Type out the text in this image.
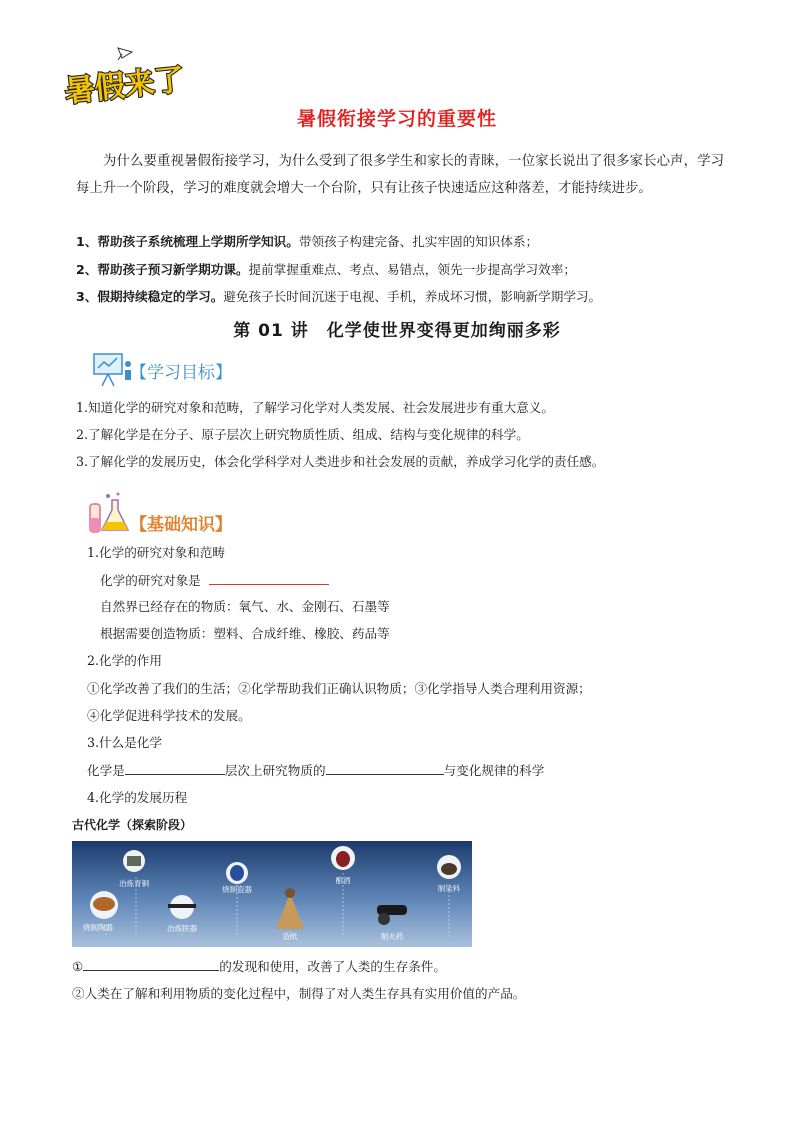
暑假来了
暑假衔接学习的重要性
为什么要重视暑假衔接学习，为什么受到了很多学生和家长的青睐，一位家长说出了很多家长心声，学习每上升一个阶段，学习的难度就会增大一个台阶，只有让孩子快速适应这种落差，才能持续进步。
1、帮助孩子系统梳理上学期所学知识。带领孩子构建完备、扎实牢固的知识体系；
2、帮助孩子预习新学期功课。提前掌握重难点、考点、易错点，领先一步提高学习效率；
3、假期持续稳定的学习。避免孩子长时间沉迷于电视、手机，养成坏习惯，影响新学期学习。
第 01 讲　化学使世界变得更加绚丽多彩
【学习目标】
1.知道化学的研究对象和范畴，了解学习化学对人类发展、社会发展进步有重大意义。
2.了解化学是在分子、原子层次上研究物质性质、组成、结构与变化规律的科学。
3.了解化学的发展历史，体会化学科学对人类进步和社会发展的贡献，养成学习化学的责任感。
【基础知识】
1.化学的研究对象和范畴
化学的研究对象是
自然界已经存在的物质：氧气、水、金刚石、石墨等
根据需要创造物质：塑料、合成纤维、橡胶、药品等
2.化学的作用
①化学改善了我们的生活；②化学帮助我们正确认识物质；③化学指导人类合理利用资源；
④化学促进科学技术的发展。
3.什么是化学
化学是	层次上研究物质的	与变化规律的科学
4.化学的发展历程
古代化学（探索阶段）
冶炼青铜
烧制瓷器
酿酒
制染料
烧制陶器	冶炼铁器
造纸	制火药
①	的发现和使用，改善了人类的生存条件。
②人类在了解和利用物质的变化过程中，制得了对人类生存具有实用价值的产品。
